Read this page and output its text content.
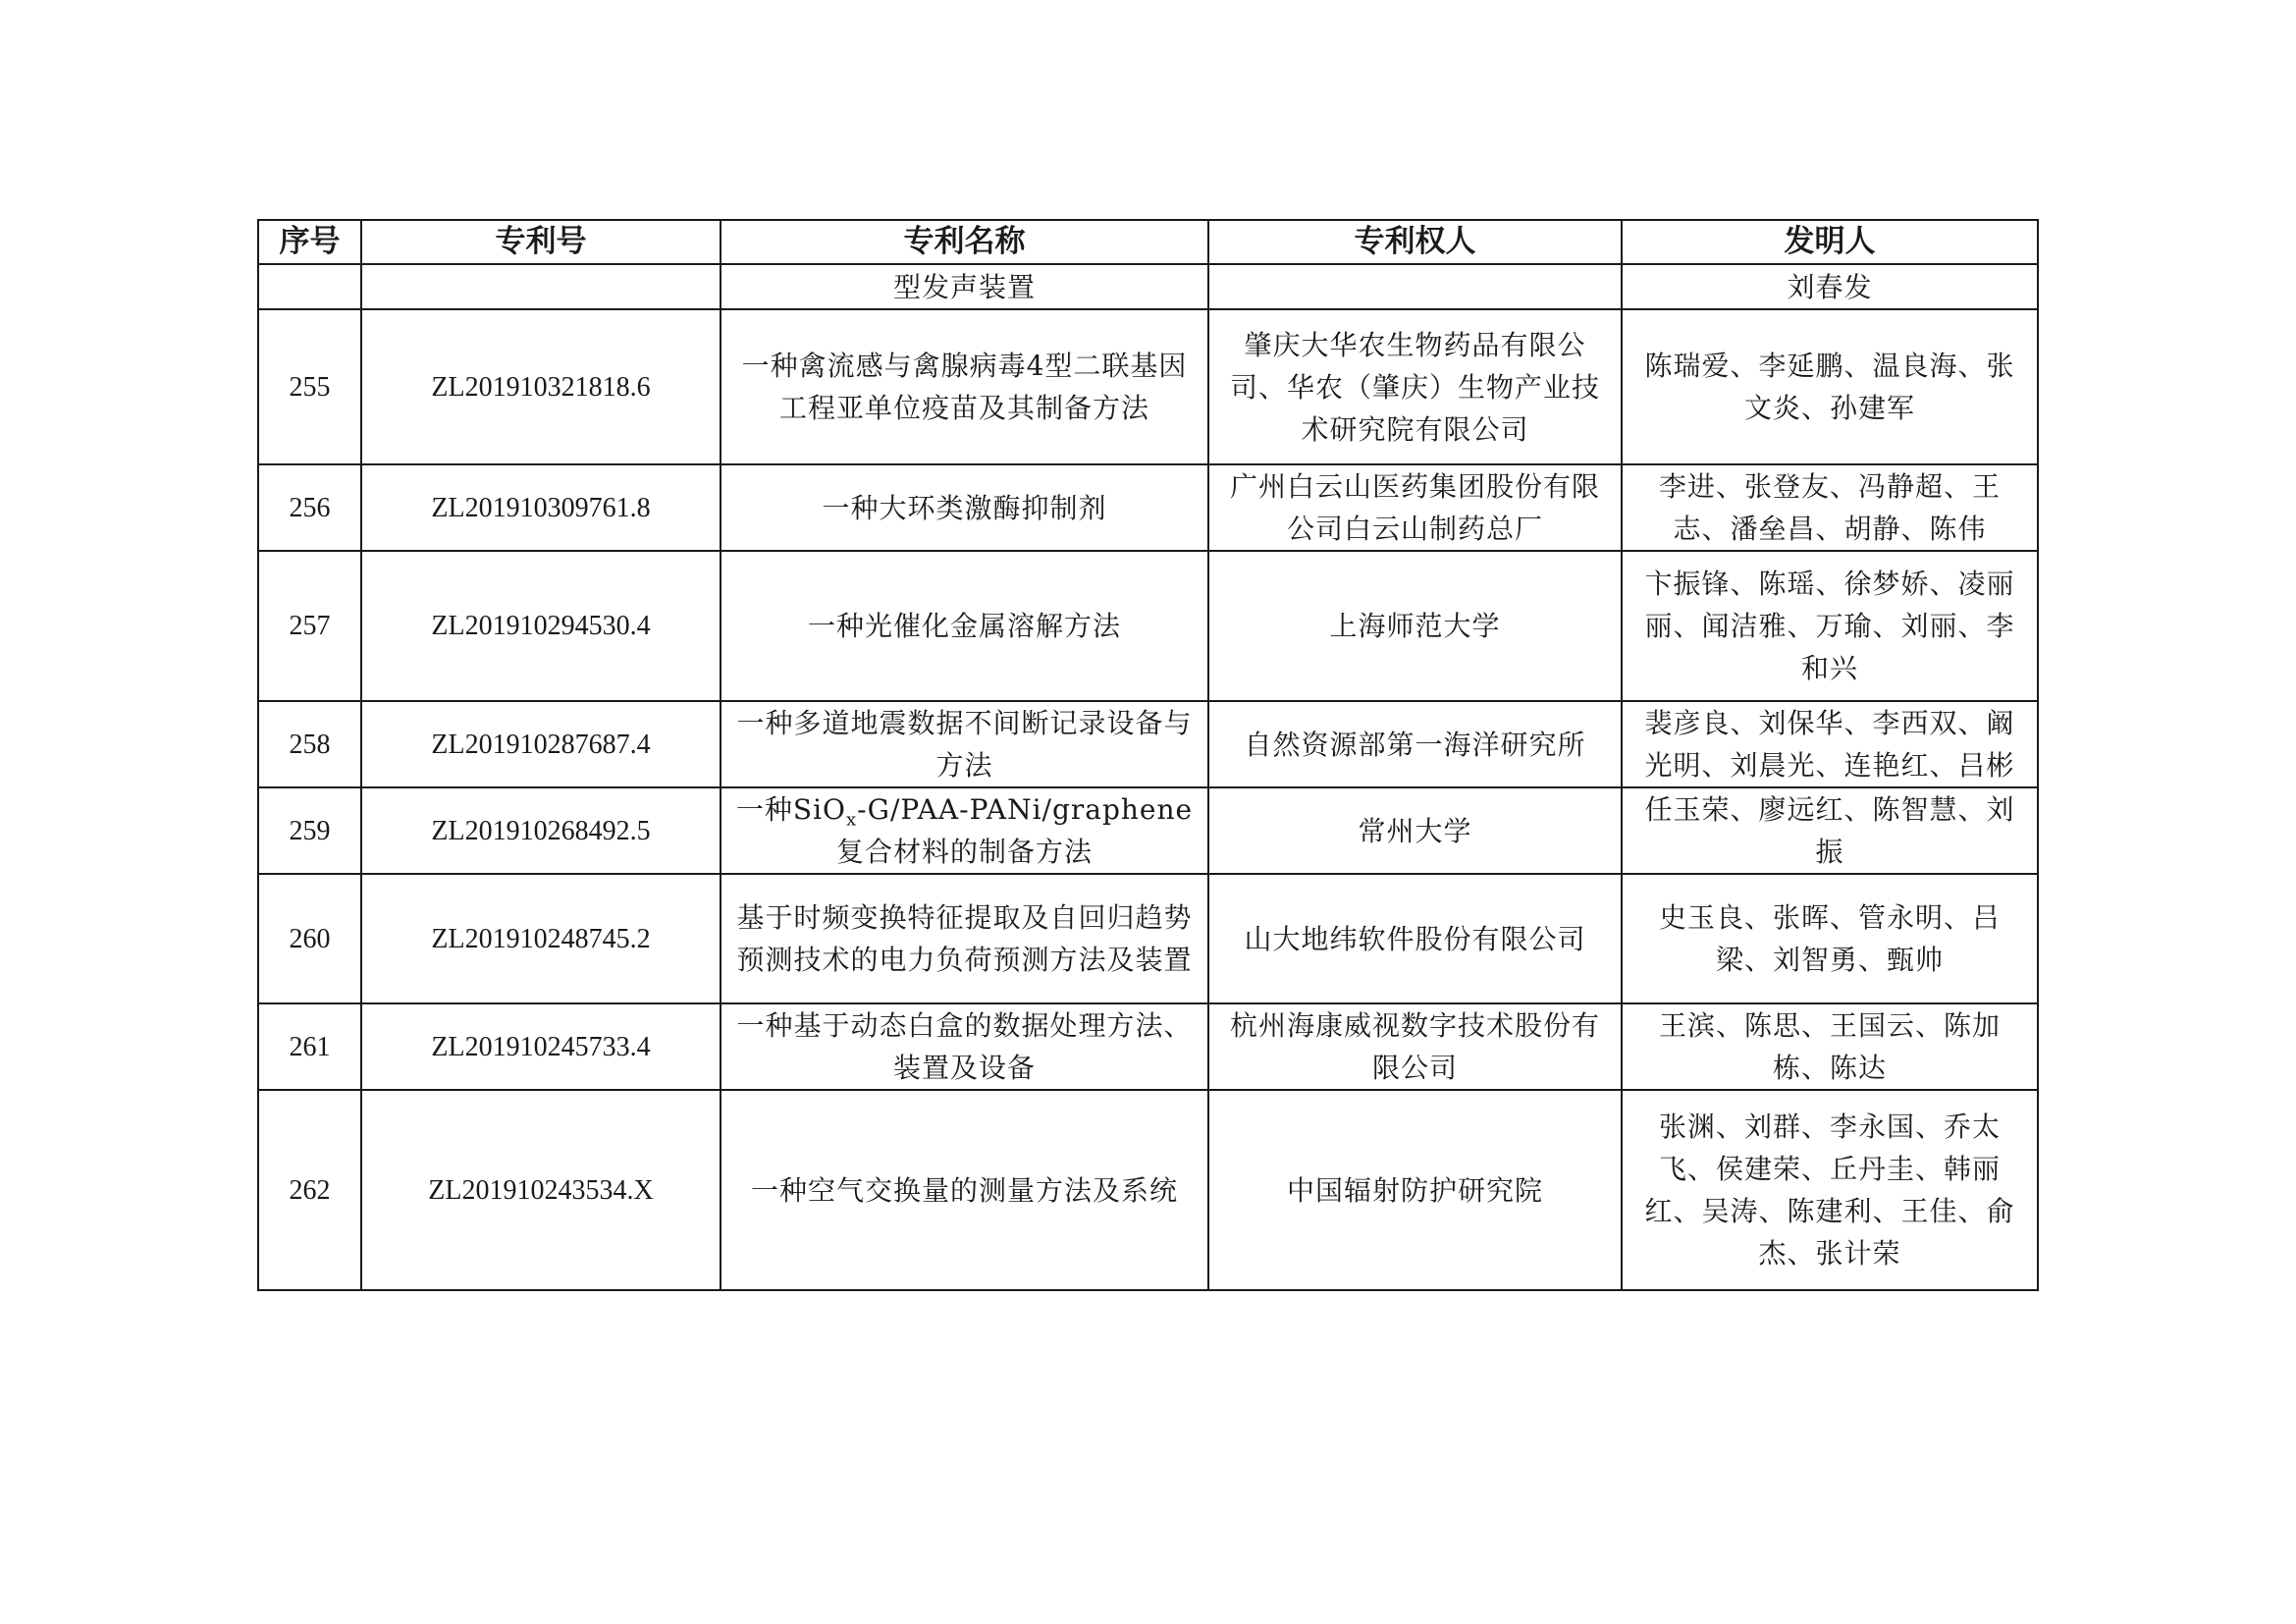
序号	专利号	专利名称	专利权人	发明人
		型发声装置		刘春发
255	ZL201910321818.6	一种禽流感与禽腺病毒4型二联基因工程亚单位疫苗及其制备方法	肇庆大华农生物药品有限公司、华农（肇庆）生物产业技术研究院有限公司	陈瑞爱、李延鹏、温良海、张文炎、孙建军
256	ZL201910309761.8	一种大环类激酶抑制剂	广州白云山医药集团股份有限公司白云山制药总厂	李进、张登友、冯静超、王志、潘垒昌、胡静、陈伟
257	ZL201910294530.4	一种光催化金属溶解方法	上海师范大学	卞振锋、陈瑶、徐梦娇、凌丽丽、闻洁雅、万瑜、刘丽、李和兴
258	ZL201910287687.4	一种多道地震数据不间断记录设备与方法	自然资源部第一海洋研究所	裴彦良、刘保华、李西双、阚光明、刘晨光、连艳红、吕彬
259	ZL201910268492.5	一种SiO$_x$-G/PAA-PANi/graphene复合材料的制备方法	常州大学	任玉荣、廖远红、陈智慧、刘振
260	ZL201910248745.2	基于时频变换特征提取及自回归趋势预测技术的电力负荷预测方法及装置	山大地纬软件股份有限公司	史玉良、张晖、管永明、吕梁、刘智勇、甄帅
261	ZL201910245733.4	一种基于动态白盒的数据处理方法、装置及设备	杭州海康威视数字技术股份有限公司	王滨、陈思、王国云、陈加栋、陈达
262	ZL201910243534.X	一种空气交换量的测量方法及系统	中国辐射防护研究院	张渊、刘群、李永国、乔太飞、侯建荣、丘丹圭、韩丽红、吴涛、陈建利、王佳、俞杰、张计荣
